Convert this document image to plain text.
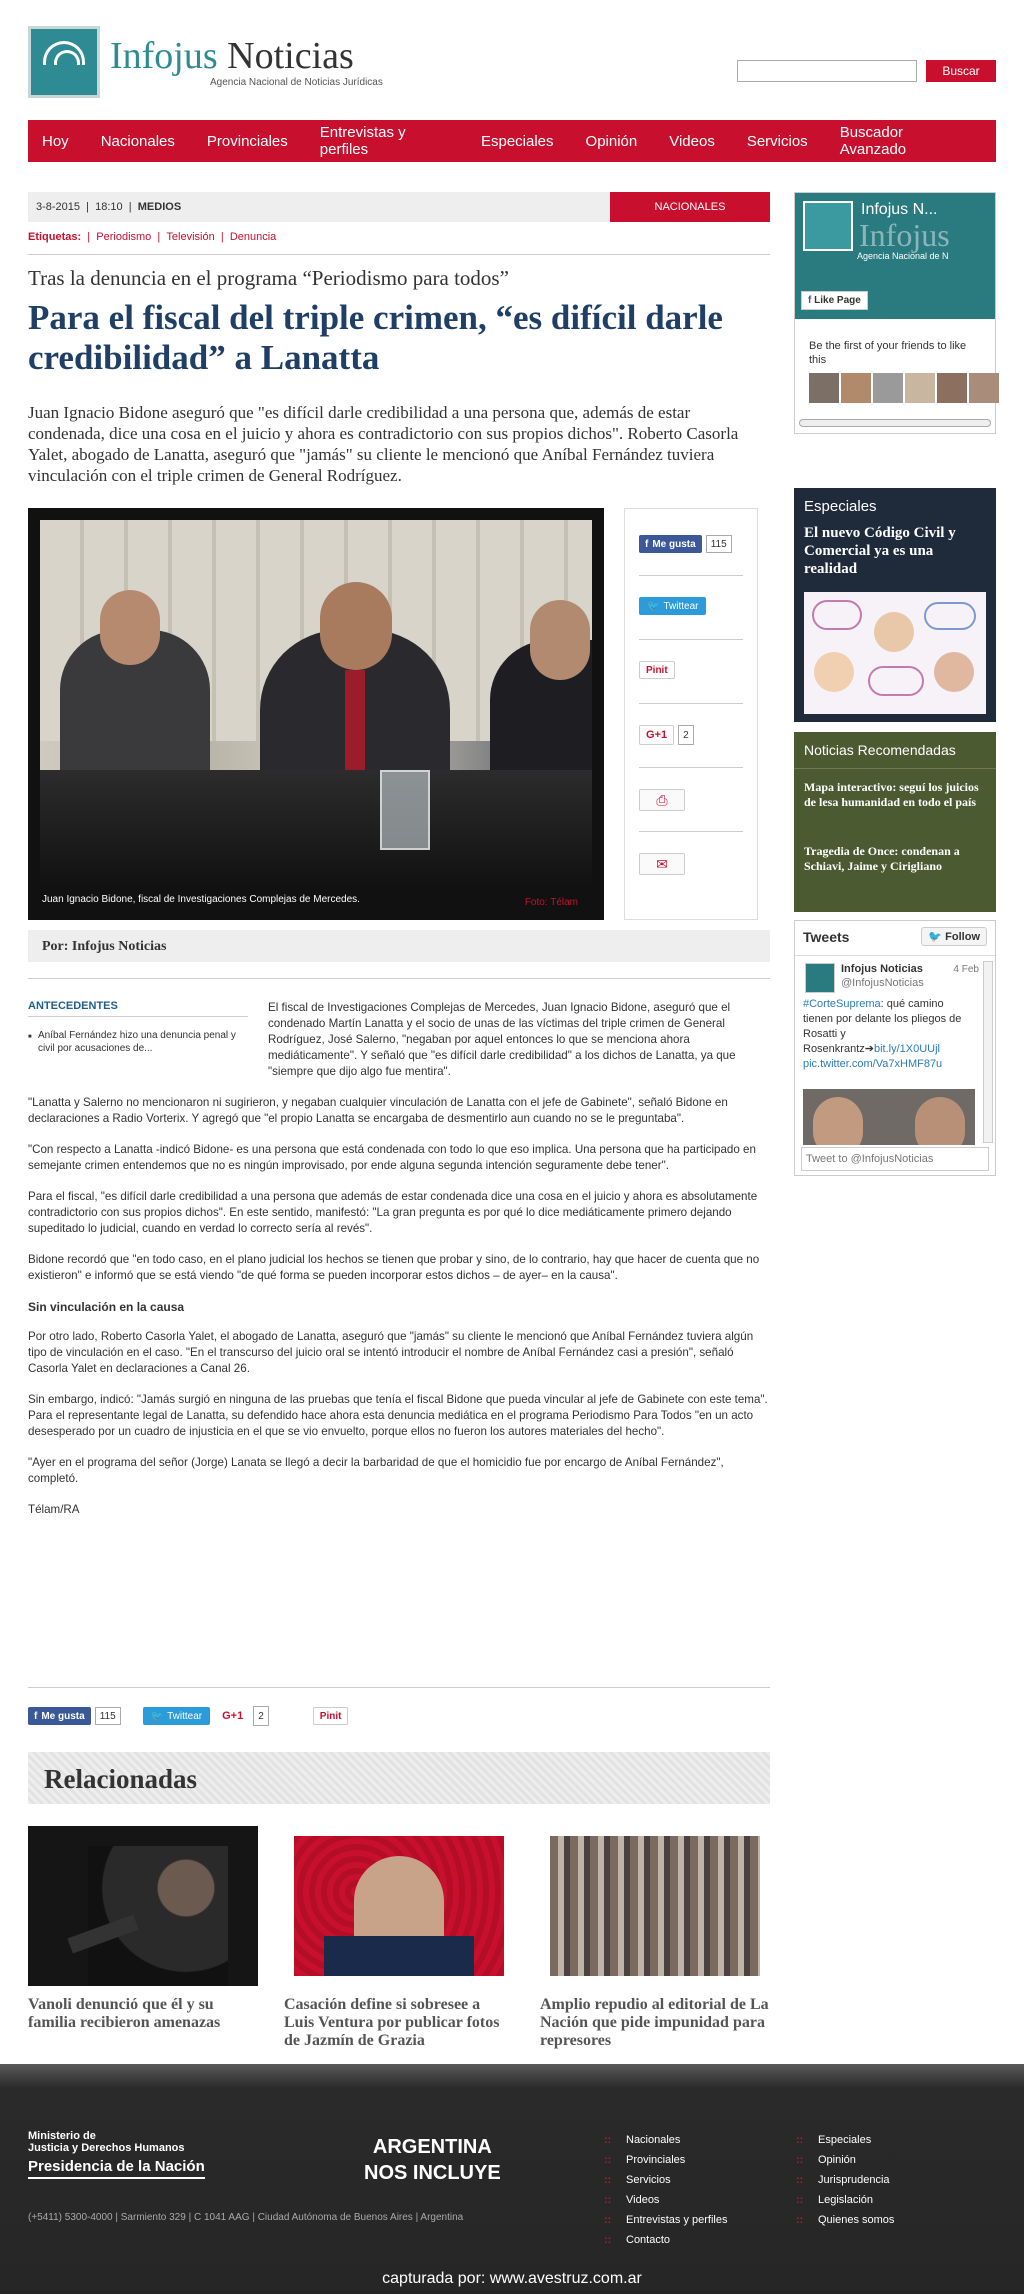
Infojus Noticias
Agencia Nacional de Noticias Jurídicas
Buscar
Hoy Nacionales Provinciales Entrevistas y perfiles	Especiales Opinión Videos Servicios Buscador Avanzado
3-8-2015  |  18:10  |  MEDIOS	NACIONALES
Etiquetas:  |  Periodismo  |  Televisión  |  Denuncia
Tras la denuncia en el programa “Periodismo para todos”
Para el fiscal del triple crimen, “es difícil darle credibilidad” a Lanatta
Juan Ignacio Bidone aseguró que "es difícil darle credibilidad a una persona que, además de estar condenada, dice una cosa en el juicio y ahora es contradictorio con sus propios dichos". Roberto Casorla Yalet, abogado de Lanatta, aseguró que "jamás" su cliente le mencionó que Aníbal Fernández tuviera vinculación con el triple crimen de General Rodríguez.
Juan Ignacio Bidone, fiscal de Investigaciones Complejas de Mercedes.	Foto: Télam
f Me gusta	115
🐦 Twittear
Pinit
G+1	2
⎙
✉
Por: Infojus Noticias
ANTECEDENTES
■ Aníbal Fernández hizo una denuncia penal y civil por acusaciones de...

El fiscal de Investigaciones Complejas de Mercedes, Juan Ignacio Bidone, aseguró que el condenado Martín Lanatta y el socio de unas de las víctimas del triple crimen de General Rodríguez, José Salerno, "negaban por aquel entonces lo que se menciona ahora mediáticamente". Y señaló que "es difícil darle credibilidad" a los dichos de Lanatta, ya que "siempre que dijo algo fue mentira".

"Lanatta y Salerno no mencionaron ni sugirieron, y negaban cualquier vinculación de Lanatta con el jefe de Gabinete", señaló Bidone en declaraciones a Radio Vorterix. Y agregó que "el propio Lanatta se encargaba de desmentirlo aun cuando no se le preguntaba".

"Con respecto a Lanatta -indicó Bidone- es una persona que está condenada con todo lo que eso implica. Una persona que ha participado en semejante crimen entendemos que no es ningún improvisado, por ende alguna segunda intención seguramente debe tener".

Para el fiscal, "es difícil darle credibilidad a una persona que además de estar condenada dice una cosa en el juicio y ahora es absolutamente contradictorio con sus propios dichos". En este sentido, manifestó: "La gran pregunta es por qué lo dice mediáticamente primero dejando supeditado lo judicial, cuando en verdad lo correcto sería al revés".

Bidone recordó que "en todo caso, en el plano judicial los hechos se tienen que probar y sino, de lo contrario, hay que hacer de cuenta que no existieron" e informó que se está viendo "de qué forma se pueden incorporar estos dichos – de ayer– en la causa".

Sin vinculación en la causa

Por otro lado, Roberto Casorla Yalet, el abogado de Lanatta, aseguró que "jamás" su cliente le mencionó que Aníbal Fernández tuviera algún tipo de vinculación en el caso. "En el transcurso del juicio oral se intentó introducir el nombre de Aníbal Fernández casi a presión", señaló Casorla Yalet en declaraciones a Canal 26.

Sin embargo, indicó: "Jamás surgió en ninguna de las pruebas que tenía el fiscal Bidone que pueda vincular al jefe de Gabinete con este tema". Para el representante legal de Lanatta, su defendido hace ahora esta denuncia mediática en el programa Periodismo Para Todos "en un acto desesperado por un cuadro de injusticia en el que se vio envuelto, porque ellos no fueron los autores materiales del hecho".

"Ayer en el programa del señor (Jorge) Lanata se llegó a decir la barbaridad de que el homicidio fue por encargo de Aníbal Fernández", completó.

Télam/RA

f Me gusta	115	🐦 Twittear	G+1	2	Pinit
Relacionadas
Vanoli denunció que él y su familia recibieron amenazas
Casación define si sobresee a Luis Ventura por publicar fotos de Jazmín de Grazia
Amplio repudio al editorial de La Nación que pide impunidad para represores
Infojus
Infojus N...
Agencia Nacional de N
f Like Page
Be the first of your friends to like this
Especiales
El nuevo Código Civil y Comercial ya es una realidad
Noticias Recomendadas
Mapa interactivo: seguí los juicios de lesa humanidad en todo el país
Tragedia de Once: condenan a Schiavi, Jaime y Cirigliano
Tweets	🐦 Follow
Infojus Noticias	4 Feb
@InfojusNoticias
#CorteSuprema: qué camino tienen por delante los pliegos de Rosatti y Rosenkrantz➔bit.ly/1X0UUjl
pic.twitter.com/Va7xHMF87u
Tweet to @InfojusNoticias
Ministerio de
Justicia y Derechos Humanos
Presidencia de la Nación
ARGENTINA
NOS INCLUYE
(+5411) 5300-4000 | Sarmiento 329 | C 1041 AAG | Ciudad Autónoma de Buenos Aires | Argentina
:: Nacionales
:: Provinciales
:: Servicios
:: Videos
:: Entrevistas y perfiles
:: Contacto
:: Especiales
:: Opinión
:: Jurisprudencia
:: Legislación
:: Quienes somos
capturada por: www.avestruz.com.ar
